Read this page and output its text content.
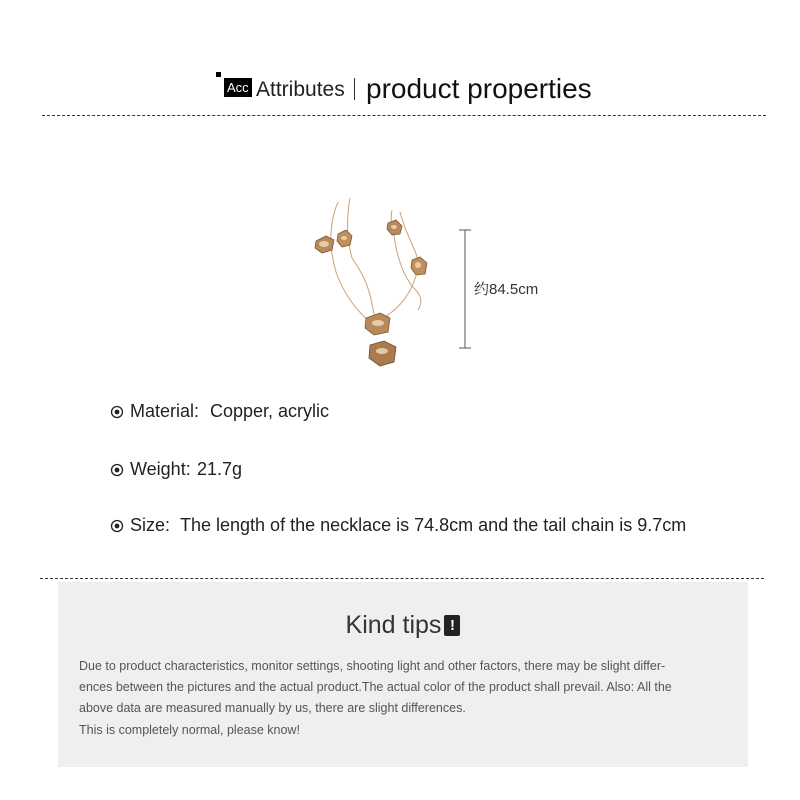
Acc Attributes product properties
约84.5cm
Material: Copper, acrylic
Weight: 21.7g
Size: The length of the necklace is 74.8cm and the tail chain is 9.7cm
Kind tips !
Due to product characteristics, monitor settings, shooting light and other factors, there may be slight differ-
ences between the pictures and the actual product.The actual color of the product shall prevail. Also: All the
above data are measured manually by us, there are slight differences.
This is completely normal, please know!
